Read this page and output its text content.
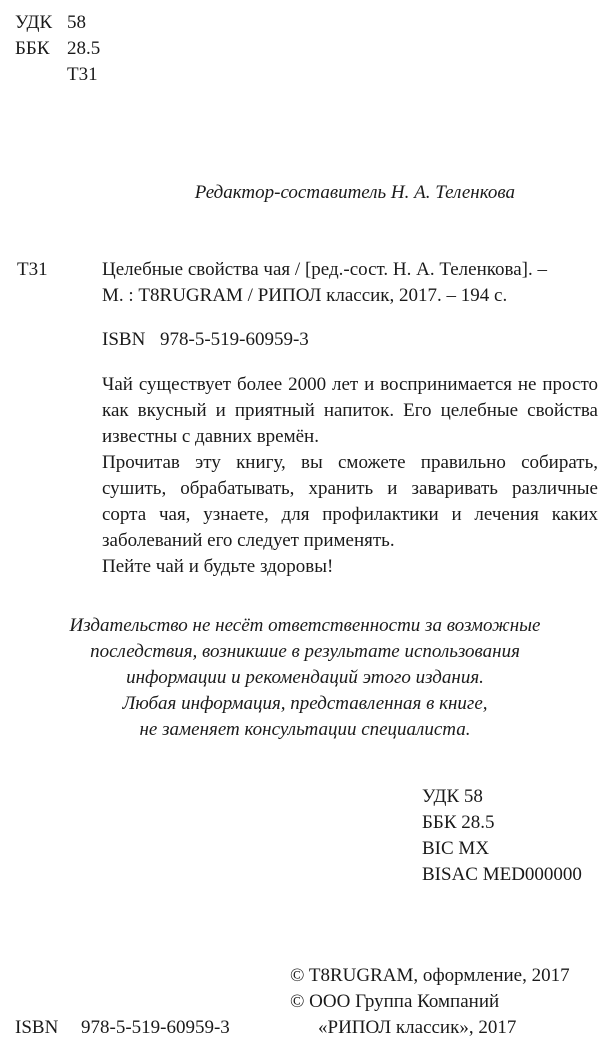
УДК 58
ББК 28.5
Т31
Редактор-составитель Н. А. Теленкова
Т31	Целебные свойства чая / [ред.-сост. Н. А. Теленкова]. –
М. : T8RUGRAM / РИПОЛ классик, 2017. – 194 с.
ISBN 978-5-519-60959-3

Чай существует более 2000 лет и воспринимается не просто как вкусный и приятный напиток. Его целебные свойства известны с давних времён.

Прочитав эту книгу, вы сможете правильно собирать, сушить, обрабатывать, хранить и заваривать различные сорта чая, узнаете, для профилактики и лечения каких заболеваний его следует применять.

Пейте чай и будьте здоровы!

Издательство не несёт ответственности за возможные
последствия, возникшие в результате использования
информации и рекомендаций этого издания.
Любая информация, представленная в книге,
не заменяет консультации специалиста.
УДК 58
ББК 28.5
BIC MX
BISAC MED000000
© T8RUGRAM, оформление, 2017
© ООО Группа Компаний
«РИПОЛ классик», 2017
ISBN 978-5-519-60959-3
